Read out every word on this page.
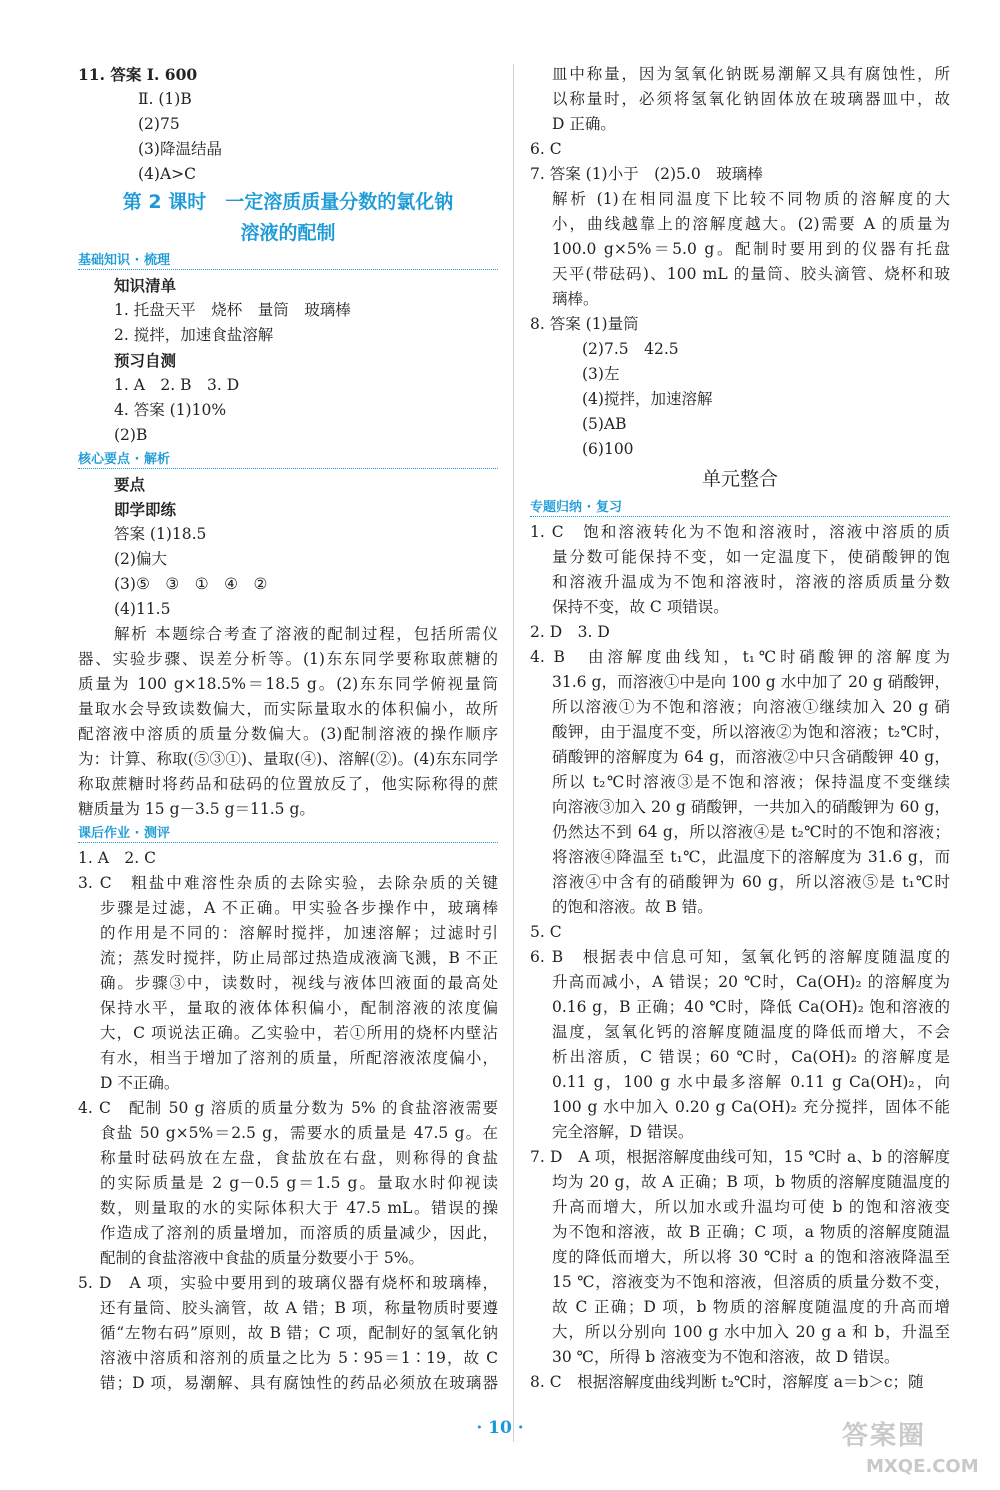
11. 答案 Ⅰ. 600
Ⅱ. (1)B
(2)75
(3)降温结晶
(4)A>C
第 2 课时　一定溶质质量分数的氯化钠
溶液的配制
基础知识 · 梳理
知识清单
1. 托盘天平　烧杯　量筒　玻璃棒
2. 搅拌，加速食盐溶解
预习自测
1. A　2. B　3. D
4. 答案 (1)10%
(2)B
核心要点 · 解析
要点
即学即练
答案 (1)18.5
(2)偏大
(3)⑤　③　①　④　②
(4)11.5
解析 本题综合考查了溶液的配制过程，包括所需仪
器、实验步骤、误差分析等。(1)东东同学要称取蔗糖的
质量为 100 g×18.5%＝18.5 g。(2)东东同学俯视量筒
量取水会导致读数偏大，而实际量取水的体积偏小，故所
配溶液中溶质的质量分数偏大。(3)配制溶液的操作顺序
为：计算、称取(⑤③①)、量取(④)、溶解(②)。(4)东东同学
称取蔗糖时将药品和砝码的位置放反了，他实际称得的蔗
糖质量为 15 g－3.5 g＝11.5 g。
课后作业 · 测评
1. A　2. C
3. C　粗盐中难溶性杂质的去除实验，去除杂质的关键
步骤是过滤，A 不正确。甲实验各步操作中，玻璃棒
的作用是不同的：溶解时搅拌，加速溶解；过滤时引
流；蒸发时搅拌，防止局部过热造成液滴飞溅，B 不正
确。步骤③中，读数时，视线与液体凹液面的最高处
保持水平，量取的液体体积偏小，配制溶液的浓度偏
大，C 项说法正确。乙实验中，若①所用的烧杯内壁沾
有水，相当于增加了溶剂的质量，所配溶液浓度偏小，
D 不正确。
4. C　配制 50 g 溶质的质量分数为 5% 的食盐溶液需要
食盐 50 g×5%＝2.5 g，需要水的质量是 47.5 g。在
称量时砝码放在左盘，食盐放在右盘，则称得的食盐
的实际质量是 2 g－0.5 g＝1.5 g。量取水时仰视读
数，则量取的水的实际体积大于 47.5 mL。错误的操
作造成了溶剂的质量增加，而溶质的质量减少，因此，
配制的食盐溶液中食盐的质量分数要小于 5%。
5. D　A 项，实验中要用到的玻璃仪器有烧杯和玻璃棒，
还有量筒、胶头滴管，故 A 错；B 项，称量物质时要遵
循“左物右码”原则，故 B 错；C 项，配制好的氢氧化钠
溶液中溶质和溶剂的质量之比为 5∶95＝1∶19，故 C
错；D 项，易潮解、具有腐蚀性的药品必须放在玻璃器
皿中称量，因为氢氧化钠既易潮解又具有腐蚀性，所
以称量时，必须将氢氧化钠固体放在玻璃器皿中，故
D 正确。
6. C
7. 答案 (1)小于　(2)5.0　玻璃棒
解析 (1)在相同温度下比较不同物质的溶解度的大
小，曲线越靠上的溶解度越大。(2)需要 A 的质量为
100.0 g×5%＝5.0 g。配制时要用到的仪器有托盘
天平(带砝码)、100 mL 的量筒、胶头滴管、烧杯和玻
璃棒。
8. 答案 (1)量筒
(2)7.5　42.5
(3)左
(4)搅拌，加速溶解
(5)AB
(6)100
单元整合
专题归纳 · 复习
1. C　饱和溶液转化为不饱和溶液时，溶液中溶质的质
量分数可能保持不变，如一定温度下，使硝酸钾的饱
和溶液升温成为不饱和溶液时，溶液的溶质质量分数
保持不变，故 C 项错误。
2. D　3. D
4. B　由溶解度曲线知，t₁℃时硝酸钾的溶解度为
31.6 g，而溶液①中是向 100 g 水中加了 20 g 硝酸钾，
所以溶液①为不饱和溶液；向溶液①继续加入 20 g 硝
酸钾，由于温度不变，所以溶液②为饱和溶液；t₂℃时，
硝酸钾的溶解度为 64 g，而溶液②中只含硝酸钾 40 g，
所以 t₂℃时溶液③是不饱和溶液；保持温度不变继续
向溶液③加入 20 g 硝酸钾，一共加入的硝酸钾为 60 g，
仍然达不到 64 g，所以溶液④是 t₂℃时的不饱和溶液；
将溶液④降温至 t₁℃，此温度下的溶解度为 31.6 g，而
溶液④中含有的硝酸钾为 60 g，所以溶液⑤是 t₁℃时
的饱和溶液。故 B 错。
5. C
6. B　根据表中信息可知，氢氧化钙的溶解度随温度的
升高而减小，A 错误；20 ℃时，Ca(OH)₂ 的溶解度为
0.16 g，B 正确；40 ℃时，降低 Ca(OH)₂ 饱和溶液的
温度，氢氧化钙的溶解度随温度的降低而增大，不会
析出溶质，C 错误；60 ℃时，Ca(OH)₂ 的溶解度是
0.11 g，100 g 水中最多溶解 0.11 g Ca(OH)₂，向
100 g 水中加入 0.20 g Ca(OH)₂ 充分搅拌，固体不能
完全溶解，D 错误。
7. D　A 项，根据溶解度曲线可知，15 ℃时 a、b 的溶解度
均为 20 g，故 A 正确；B 项，b 物质的溶解度随温度的
升高而增大，所以加水或升温均可使 b 的饱和溶液变
为不饱和溶液，故 B 正确；C 项，a 物质的溶解度随温
度的降低而增大，所以将 30 ℃时 a 的饱和溶液降温至
15 ℃，溶液变为不饱和溶液，但溶质的质量分数不变，
故 C 正确；D 项，b 物质的溶解度随温度的升高而增
大，所以分别向 100 g 水中加入 20 g a 和 b，升温至
30 ℃，所得 b 溶液变为不饱和溶液，故 D 错误。
8. C　根据溶解度曲线判断 t₂℃时，溶解度 a＝b＞c；随
· 10 ·	答案圈
MXQE.COM
